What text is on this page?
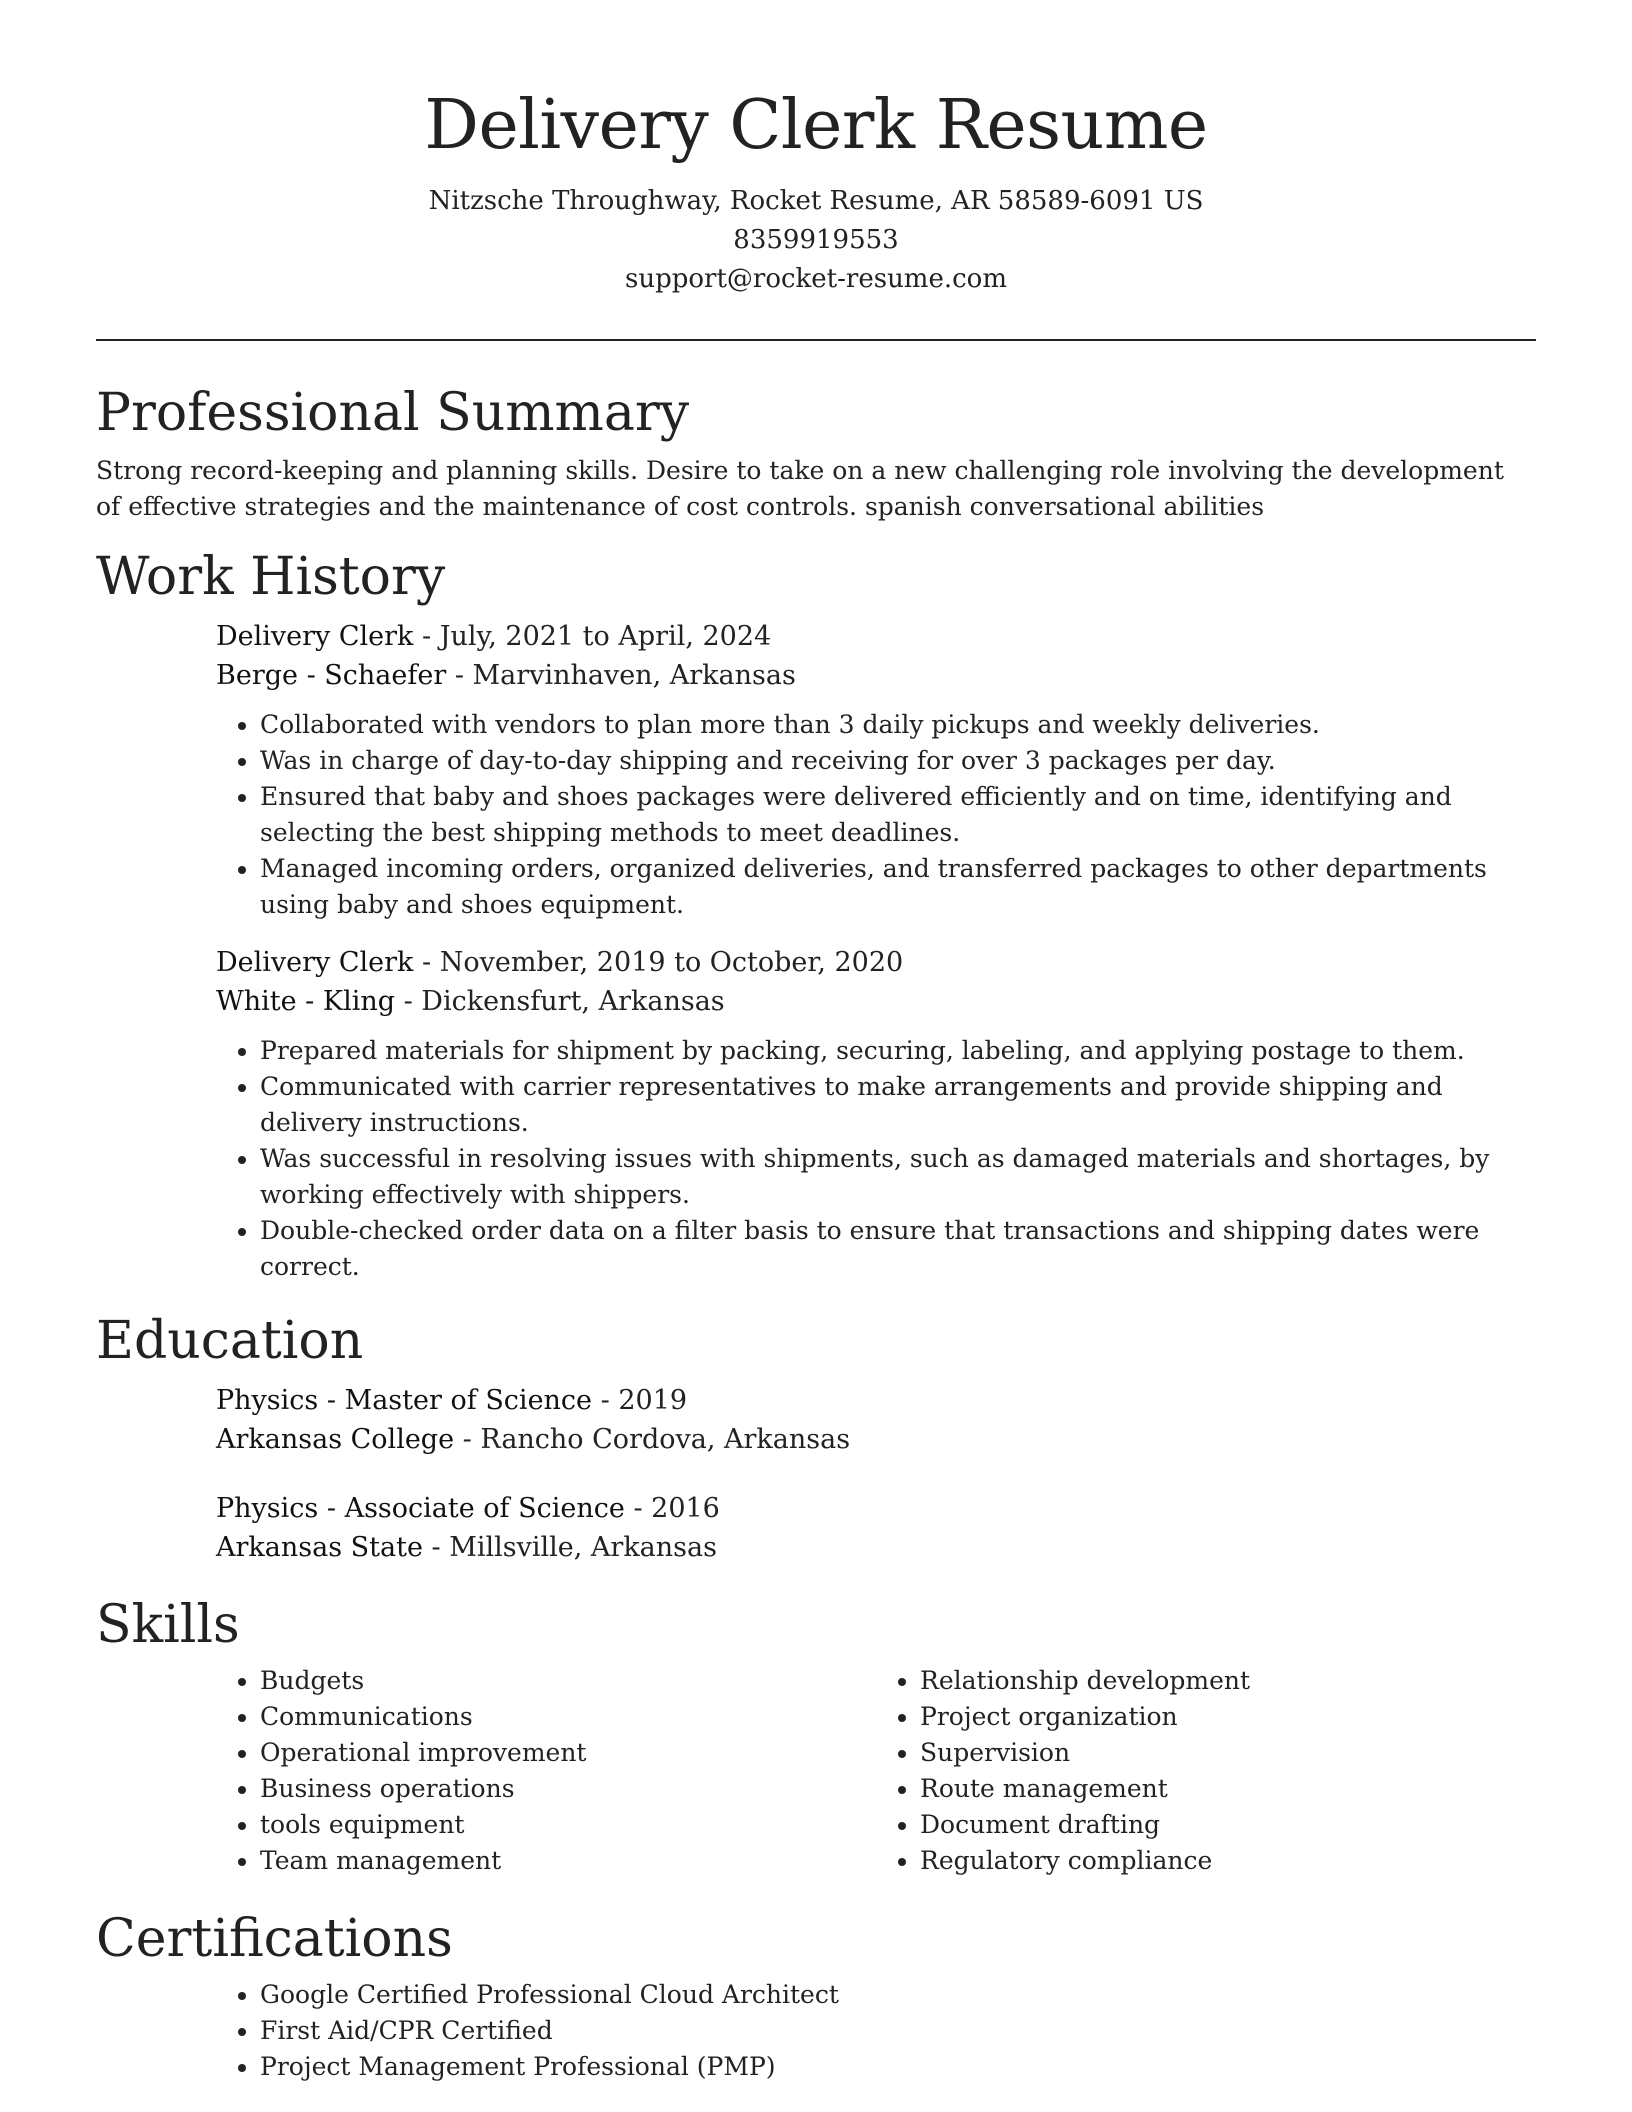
Delivery Clerk Resume
Nitzsche Throughway, Rocket Resume, AR 58589-6091 US
8359919553
support@rocket-resume.com
Professional Summary

Strong record-keeping and planning skills. Desire to take on a new challenging role involving the development of effective strategies and the maintenance of cost controls. spanish conversational abilities

Work History
Delivery Clerk - July, 2021 to April, 2024
Berge - Schaefer - Marvinhaven, Arkansas
• Collaborated with vendors to plan more than 3 daily pickups and weekly deliveries.
• Was in charge of day-to-day shipping and receiving for over 3 packages per day.
• Ensured that baby and shoes packages were delivered efficiently and on time, identifying and selecting the best shipping methods to meet deadlines.
• Managed incoming orders, organized deliveries, and transferred packages to other departments using baby and shoes equipment.
Delivery Clerk - November, 2019 to October, 2020
White - Kling - Dickensfurt, Arkansas
• Prepared materials for shipment by packing, securing, labeling, and applying postage to them.
• Communicated with carrier representatives to make arrangements and provide shipping and delivery instructions.
• Was successful in resolving issues with shipments, such as damaged materials and shortages, by working effectively with shippers.
• Double-checked order data on a filter basis to ensure that transactions and shipping dates were correct.
Education
Physics - Master of Science - 2019
Arkansas College - Rancho Cordova, Arkansas
Physics - Associate of Science - 2016
Arkansas State - Millsville, Arkansas
Skills
• Budgets
• Communications
• Operational improvement
• Business operations
• tools equipment
• Team management
• Relationship development
• Project organization
• Supervision
• Route management
• Document drafting
• Regulatory compliance
Certifications
• Google Certified Professional Cloud Architect
• First Aid/CPR Certified
• Project Management Professional (PMP)
